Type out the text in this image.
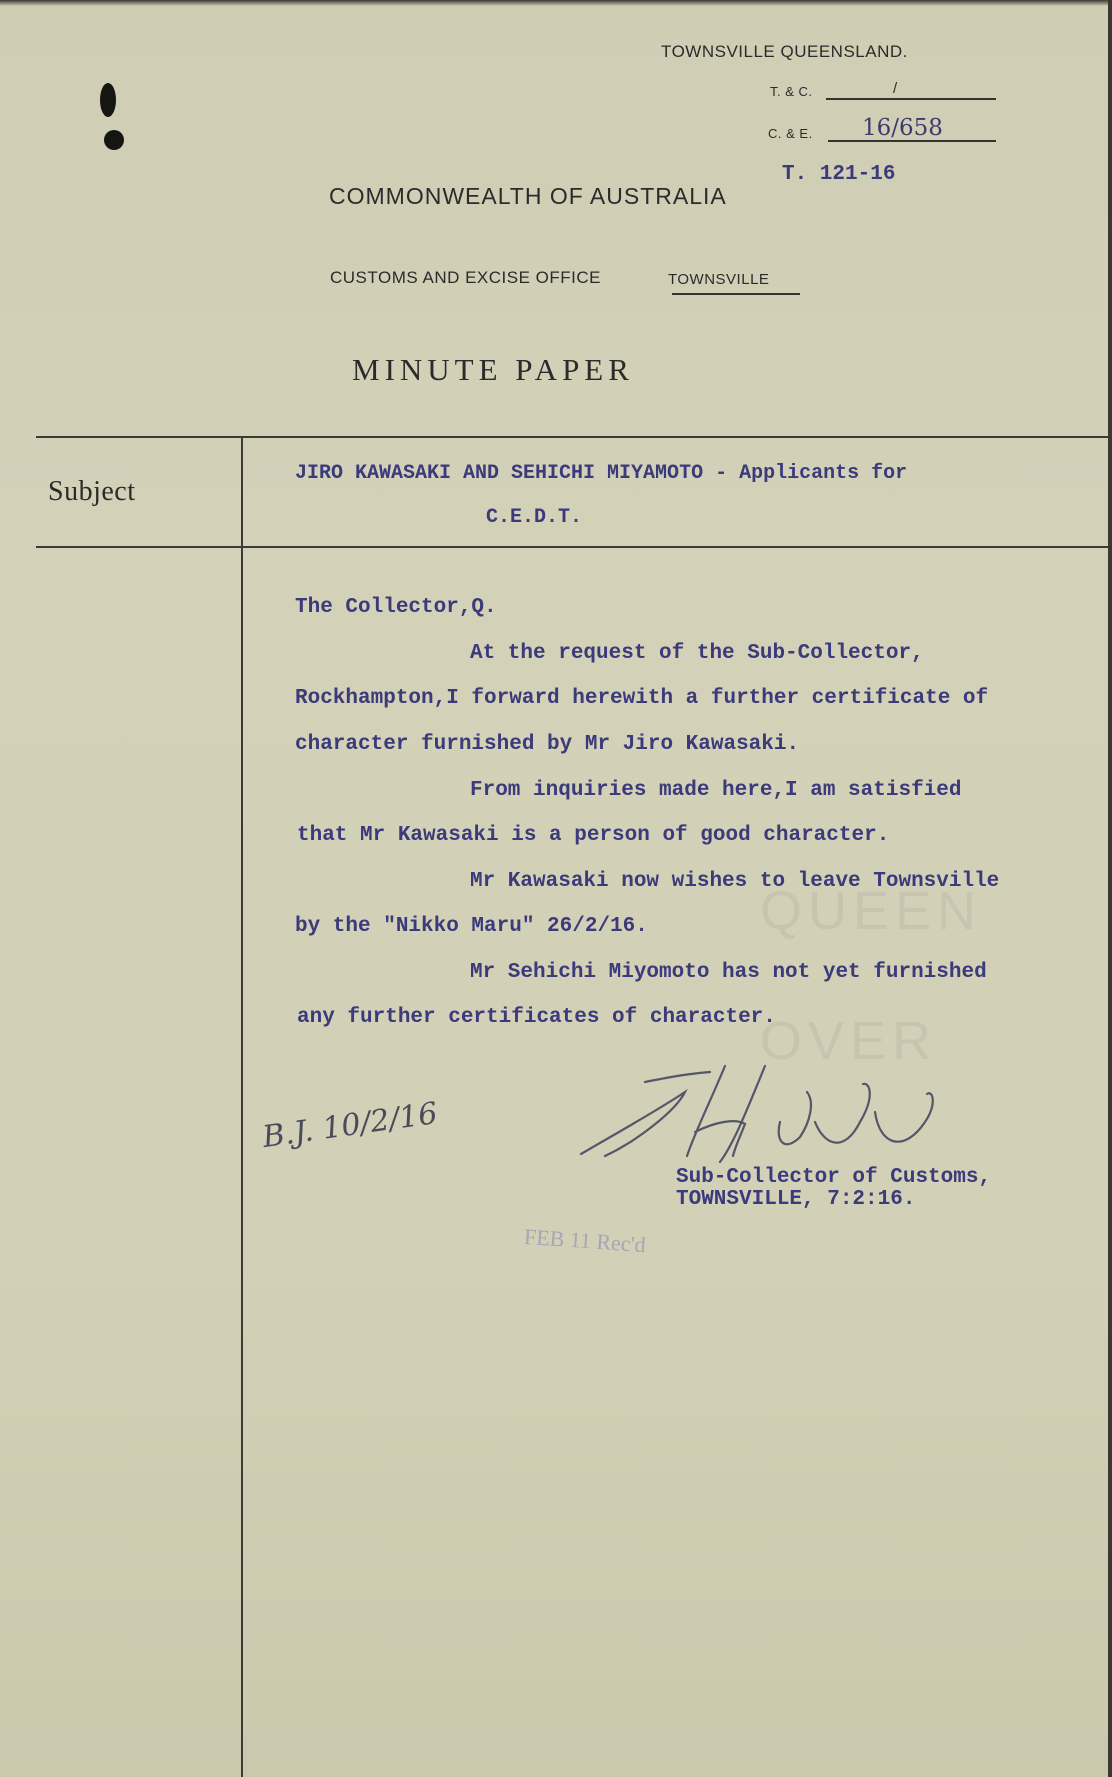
TOWNSVILLE QUEENSLAND.
T. & C.	/
C. & E. 16/658
T. 121-16
COMMONWEALTH OF AUSTRALIA
CUSTOMS AND EXCISE OFFICE	TOWNSVILLE
MINUTE PAPER
Subject
JIRO KAWASAKI AND SEHICHI MIYAMOTO - Applicants for
C.E.D.T.
The Collector,Q.
At the request of the Sub-Collector,
Rockhampton,I forward herewith a further certificate of
character furnished by Mr Jiro Kawasaki.
From inquiries made here,I am satisfied
that Mr Kawasaki is a person of good character.
Mr Kawasaki now wishes to leave Townsville
by the "Nikko Maru" 26/2/16.
Mr Sehichi Miyomoto has not yet furnished
any further certificates of character.
QUEEN
OVER
B.J. 10/2/16
Sub-Collector of Customs,
TOWNSVILLE, 7:2:16.
FEB 11 Rec'd
